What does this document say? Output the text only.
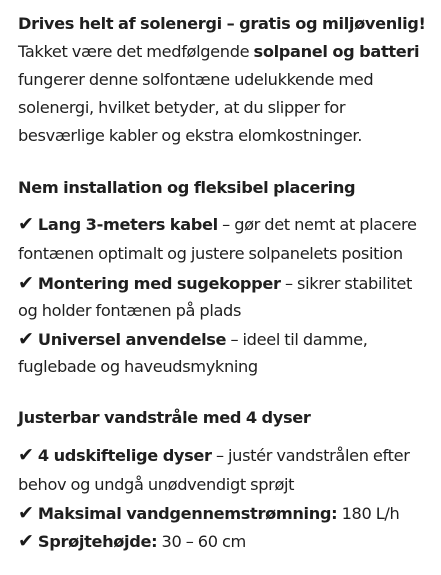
Drives helt af solenergi – gratis og miljøvenlig!
Takket være det medfølgende solpanel og batteri
fungerer denne solfontæne udelukkende med
solenergi, hvilket betyder, at du slipper for
besværlige kabler og ekstra elomkostninger.
Nem installation og fleksibel placering
✔ Lang 3-meters kabel – gør det nemt at placere
fontænen optimalt og justere solpanelets position
✔ Montering med sugekopper – sikrer stabilitet
og holder fontænen på plads
✔ Universel anvendelse – ideel til damme,
fuglebade og haveudsmykning
Justerbar vandstråle med 4 dyser
✔ 4 udskiftelige dyser – justér vandstrålen efter
behov og undgå unødvendigt sprøjt
✔ Maksimal vandgennemstrømning: 180 L/h
✔ Sprøjtehøjde: 30 – 60 cm
